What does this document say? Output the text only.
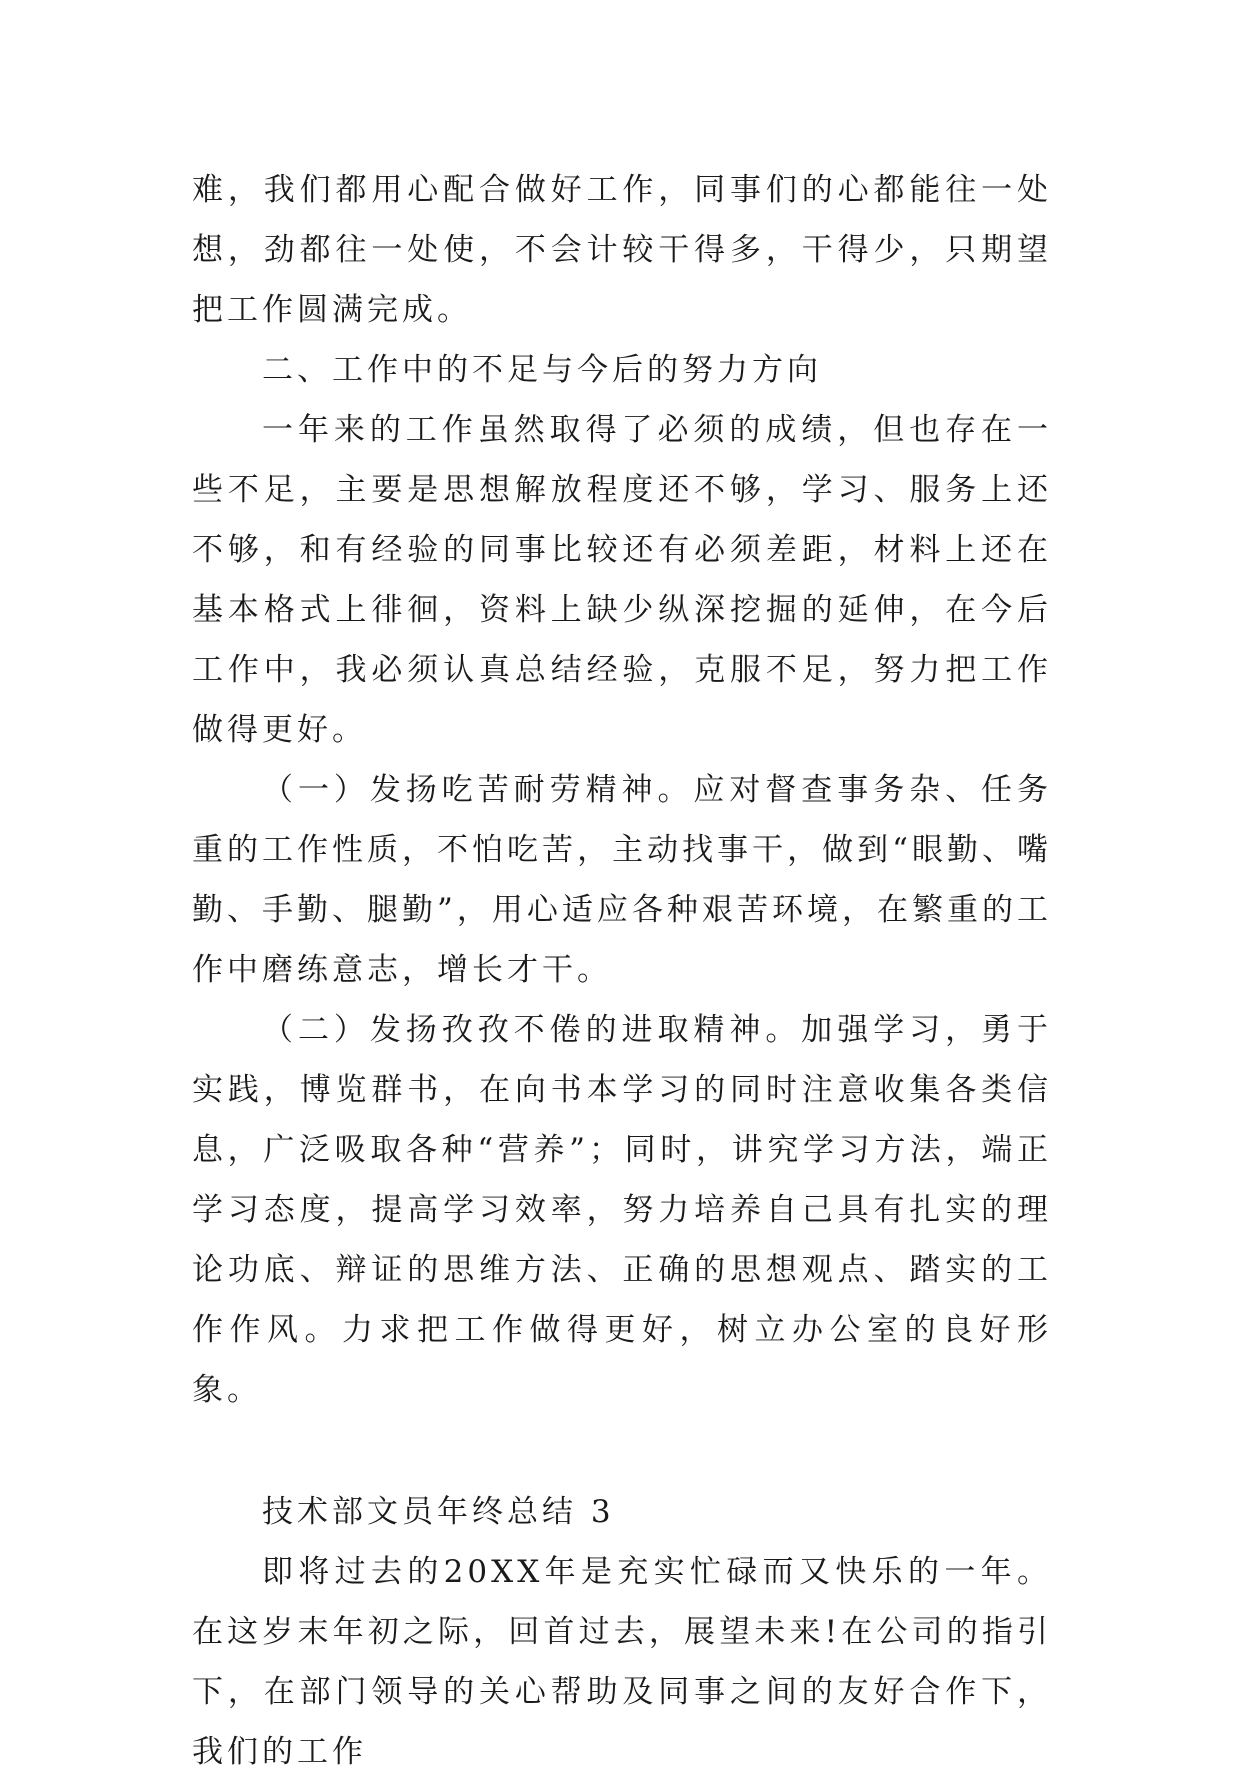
难，我们都用心配合做好工作，同事们的心都能往一处想，劲都往一处使，不会计较干得多，干得少，只期望把工作圆满完成。

二、工作中的不足与今后的努力方向

一年来的工作虽然取得了必须的成绩，但也存在一些不足，主要是思想解放程度还不够，学习、服务上还不够，和有经验的同事比较还有必须差距，材料上还在基本格式上徘徊，资料上缺少纵深挖掘的延伸，在今后工作中，我必须认真总结经验，克服不足，努力把工作做得更好。

（一）发扬吃苦耐劳精神。应对督查事务杂、任务重的工作性质，不怕吃苦，主动找事干，做到“眼勤、嘴勤、手勤、腿勤”，用心适应各种艰苦环境，在繁重的工作中磨练意志，增长才干。

（二）发扬孜孜不倦的进取精神。加强学习，勇于实践，博览群书，在向书本学习的同时注意收集各类信息，广泛吸取各种“营养”；同时，讲究学习方法，端正学习态度，提高学习效率，努力培养自己具有扎实的理论功底、辩证的思维方法、正确的思想观点、踏实的工作作风。力求把工作做得更好，树立办公室的良好形象。

技术部文员年终总结 3

即将过去的20XX年是充实忙碌而又快乐的一年。在这岁末年初之际，回首过去，展望未来!在公司的指引下，在部门领导的关心帮助及同事之间的友好合作下，我们的工作
